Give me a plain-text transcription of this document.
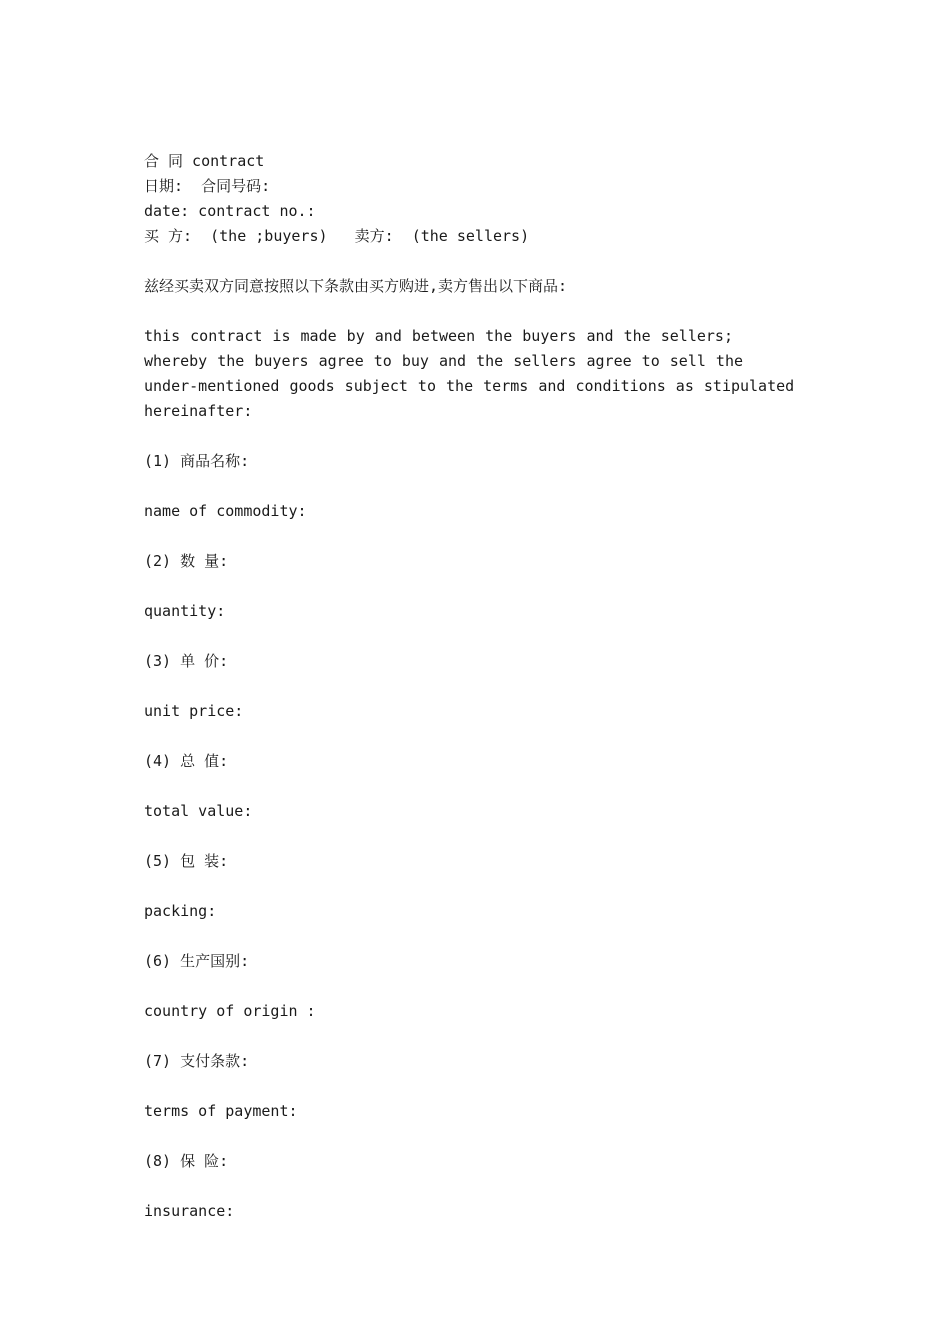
合 同 contract

日期:  合同号码:

date: contract no.:

买 方:  (the ;buyers)   卖方:  (the sellers)

兹经买卖双方同意按照以下条款由买方购进,卖方售出以下商品:

this contract is made by and between the buyers and the sellers; whereby the buyers agree to buy and the sellers agree to sell the under-mentioned goods subject to the terms and conditions as stipulated hereinafter:

(1) 商品名称:

name of commodity:

(2) 数 量:

quantity:

(3) 单 价:

unit price:

(4) 总 值:

total value:

(5) 包 装:

packing:

(6) 生产国别:

country of origin :

(7) 支付条款:

terms of payment:

(8) 保 险:

insurance:
